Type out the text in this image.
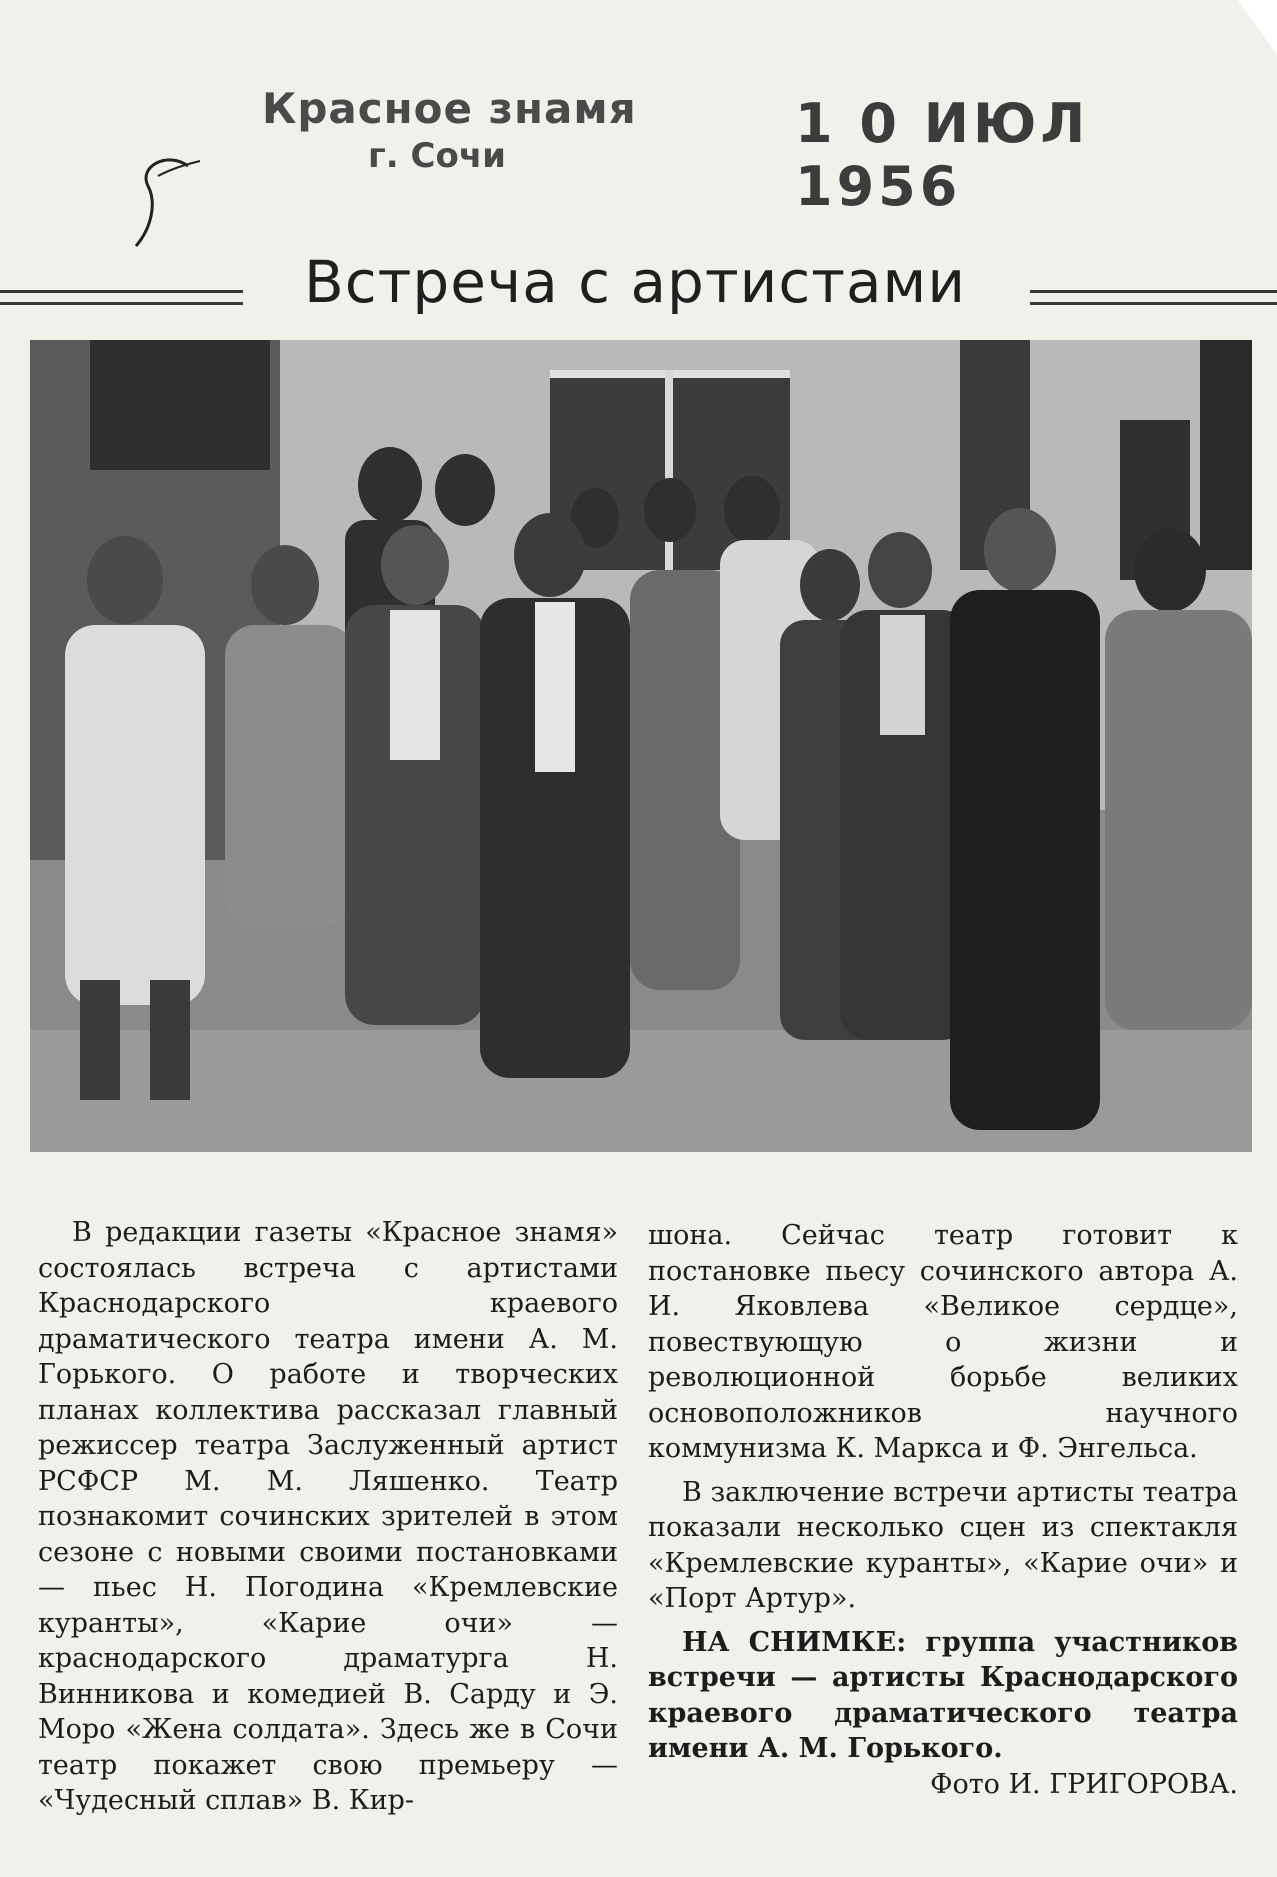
Красное знамя
г. Сочи
1 0 ИЮЛ 1956
Встреча с артистами

В редакции газеты «Красное знамя» состоялась встреча с артистами Краснодарского краевого драматического театра имени А. М. Горького. О работе и творческих планах коллектива рассказал главный режиссер театра Заслуженный артист РСФСР М. М. Ляшенко. Театр познакомит сочинских зрителей в этом сезоне с новыми своими постановками — пьес Н. Погодина «Кремлевские куранты», «Карие очи» — краснодарского драматурга Н. Винникова и комедией В. Сарду и Э. Моро «Жена солдата». Здесь же в Сочи театр покажет свою премьеру — «Чудесный сплав» В. Кир-

шона. Сейчас театр готовит к постановке пьесу сочинского автора А. И. Яковлева «Великое сердце», повествующую о жизни и революционной борьбе великих основоположников научного коммунизма К. Маркса и Ф. Энгельса.

В заключение встречи артисты театра показали несколько сцен из спектакля «Кремлевские куранты», «Карие очи» и «Порт Артур».

НА СНИМКЕ: группа участников встречи — артисты Краснодарского краевого драматического театра имени А. М. Горького.

Фото И. ГРИГОРОВА.
